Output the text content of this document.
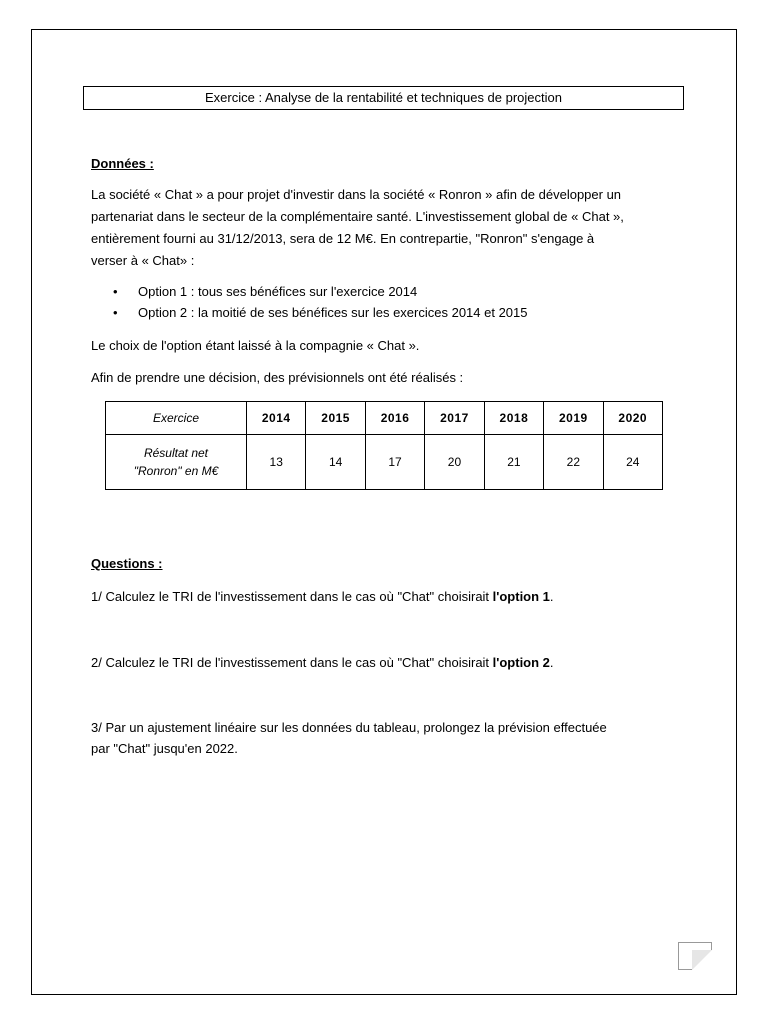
Exercice : Analyse de la rentabilité et techniques de projection
Données :
La société « Chat » a pour projet d'investir dans la société « Ronron » afin de développer un
partenariat dans le secteur de la complémentaire santé. L'investissement global de « Chat »,
entièrement fourni au 31/12/2013, sera de 12 M€. En contrepartie, "Ronron" s'engage à
verser à « Chat» :
• Option 1 : tous ses bénéfices sur l'exercice 2014
• Option 2 : la moitié de ses bénéfices sur les exercices 2014 et 2015
Le choix de l'option étant laissé à la compagnie « Chat ».
Afin de prendre une décision, des prévisionnels ont été réalisés :
Exercice	2014	2015	2016	2017	2018	2019	2020

Résultat net
"Ronron" en M€	13	14	17	20	21	22	24
Questions :
1/ Calculez le TRI de l'investissement dans le cas où "Chat" choisirait l'option 1.
2/ Calculez le TRI de l'investissement dans le cas où "Chat" choisirait l'option 2.
3/ Par un ajustement linéaire sur les données du tableau, prolongez la prévision effectuée
par "Chat" jusqu'en 2022.
1
